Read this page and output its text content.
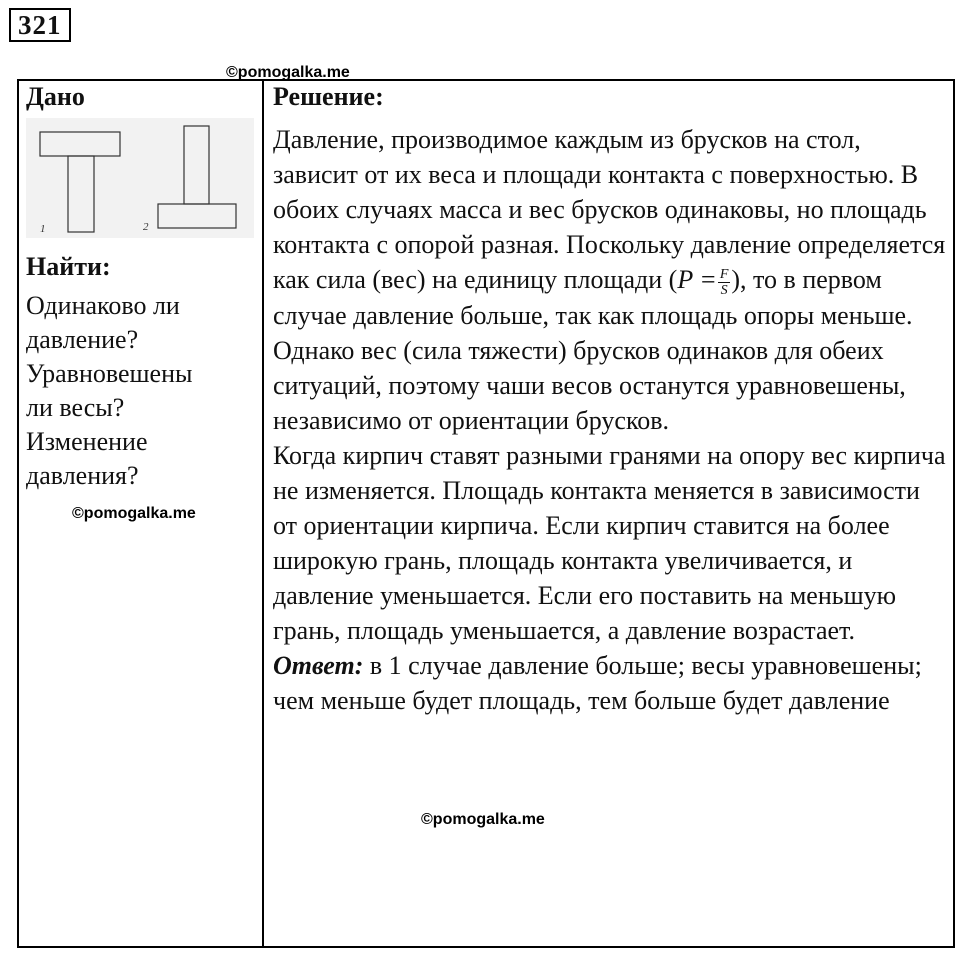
321
©pomogalka.me
©pomogalka.me
Дано
1	2
Найти:
Одинаково ли
давление?
Уравновешены
ли весы?
Изменение
давления?
Решение:

Давление, производимое каждым из брусков на стол, зависит от их веса и площади контакта с поверхностью. В обоих случаях масса и вес брусков одинаковы, но площадь контакта с опорой разная. Поскольку давление определяется как сила (вес) на единицу площади ($P = \frac{F}{S}$ ), то в первом случае давление больше, так как площадь опоры меньше.

Однако вес (сила тяжести) брусков одинаков для обеих ситуаций, поэтому чаши весов останутся уравновешены, независимо от ориентации брусков.

Когда кирпич ставят разными гранями на опору вес кирпича не изменяется. Площадь контакта меняется в зависимости от ориентации кирпича. Если кирпич ставится на более широкую грань, площадь контакта увеличивается, и давление уменьшается. Если его поставить на меньшую грань, площадь уменьшается, а давление возрастает.

Ответ: в 1 случае давление больше; весы уравновешены; чем меньше будет площадь, тем больше будет давление

©pomogalka.me
